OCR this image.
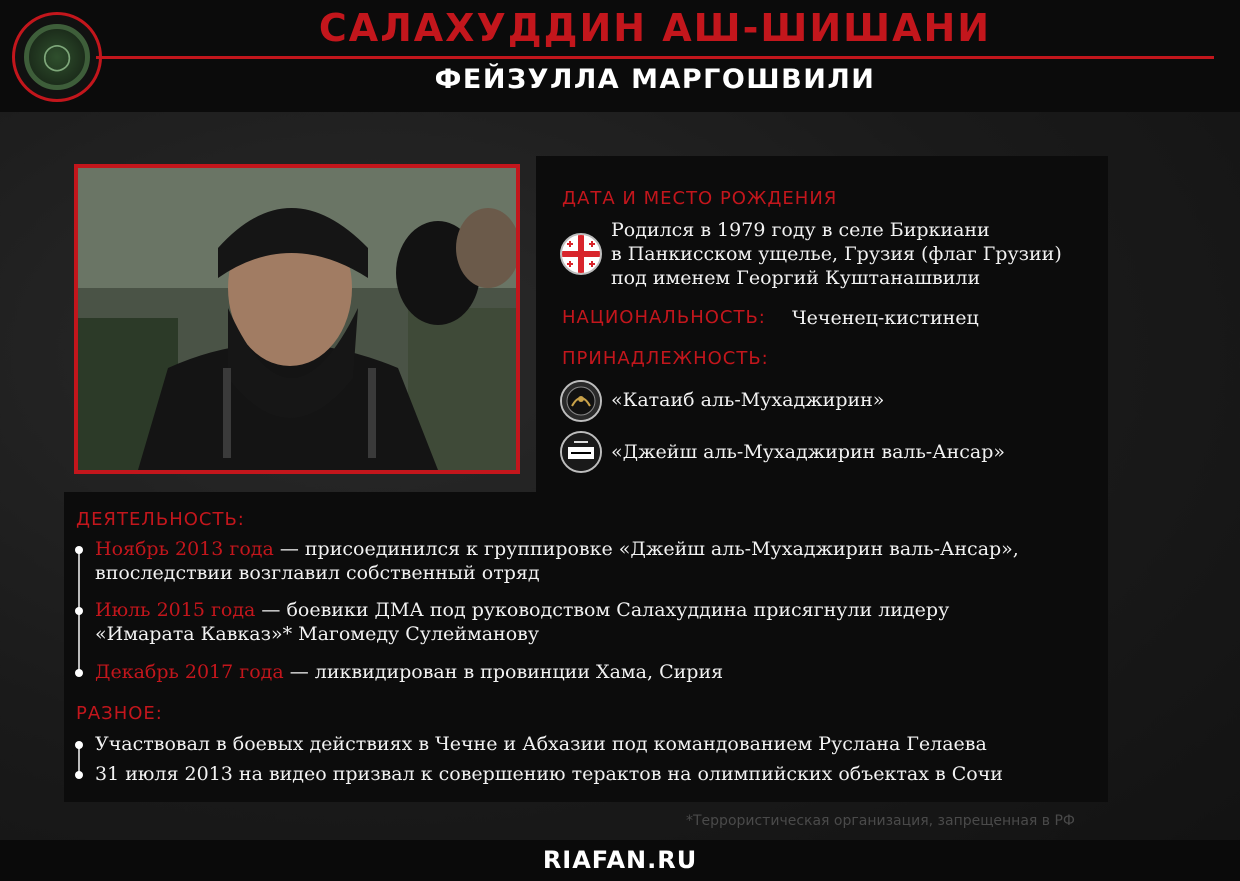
◯
САЛАХУДДИН АШ-ШИШАНИ
ФЕЙЗУЛЛА МАРГОШВИЛИ
ДАТА И МЕСТО РОЖДЕНИЯ
Родился в 1979 году в селе Биркиани
в Панкисском ущелье, Грузия (флаг Грузии)
под именем Георгий Куштанашвили
НАЦИОНАЛЬНОСТЬ: Чеченец-кистинец
ПРИНАДЛЕЖНОСТЬ:
«Катаиб аль-Мухаджирин»
«Джейш аль-Мухаджирин валь-Ансар»
ДЕЯТЕЛЬНОСТЬ:
Ноябрь 2013 года — присоединился к группировке «Джейш аль-Мухаджирин валь-Ансар»,
впоследствии возглавил собственный отряд
Июль 2015 года — боевики ДМА под руководством Салахуддина присягнули лидеру
«Имарата Кавказ»* Магомеду Сулейманову
Декабрь 2017 года — ликвидирован в провинции Хама, Сирия
РАЗНОЕ:
Участвовал в боевых действиях в Чечне и Абхазии под командованием Руслана Гелаева
31 июля 2013 на видео призвал к совершению терактов на олимпийских объектах в Сочи
*Террористическая организация, запрещенная в РФ
RIAFAN.RU
